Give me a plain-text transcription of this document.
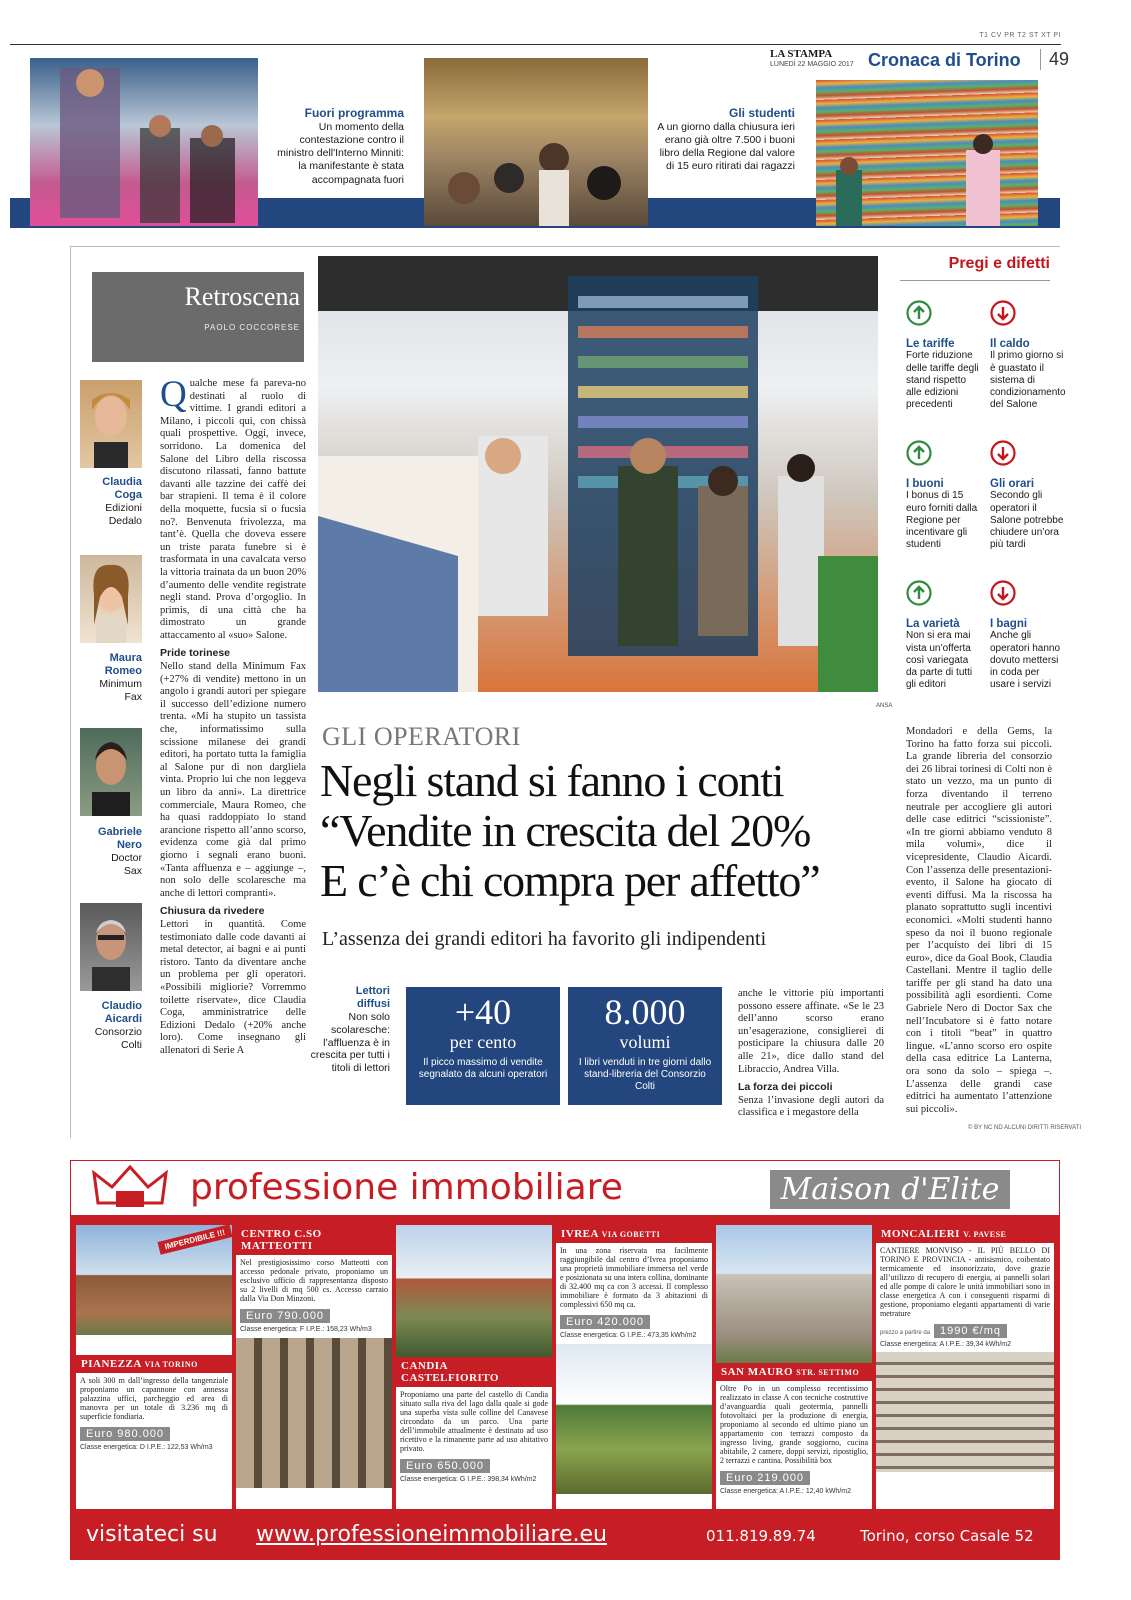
T1 CV PR T2 ST XT PI
LA STAMPA
LUNEDÌ 22 MAGGIO 2017 Cronaca di Torino	49
Fuori programma
Un momento della contestazione contro il ministro dell'Interno Minniti: la manifestante è stata accompagnata fuori
Gli studenti
A un giorno dalla chiusura ieri erano già oltre 7.500 i buoni libro della Regione dal valore di 15 euro ritirati dai ragazzi
Retroscena
PAOLO COCCORESE
Claudia
Coga
Edizioni
Dedalo
Maura
Romeo
Minimum
Fax
Gabriele
Nero
Doctor
Sax
Claudio
Aicardi
Consorzio
Colti

Qualche mese fa pareva-no destinati al ruolo di vittime. I grandi editori a Milano, i piccoli qui, con chissà quali prospettive. Oggi, invece, sorridono. La domenica del Salone del Libro della riscossa discutono rilassati, fanno battute davanti alle tazzine dei caffè dei bar strapieni. Il tema è il colore della moquette, fucsia sì o fucsia no?. Benvenuta frivolezza, ma tant’è. Quella che doveva essere un triste parata funebre si è trasformata in una cavalcata verso la vittoria trainata da un buon 20% d’aumento delle vendite registrate negli stand. Prova d’orgoglio. In primis, di una città che ha dimostrato un grande attaccamento al «suo» Salone.

Pride torinese

Nello stand della Minimum Fax (+27% di vendite) mettono in un angolo i grandi autori per spiegare il successo dell’edizione numero trenta. «Mi ha stupito un tassista che, informatissimo sulla scissione milanese dei grandi editori, ha portato tutta la famiglia al Salone pur di non dargliela vinta. Proprio lui che non leggeva un libro da anni». La direttrice commerciale, Maura Romeo, che ha quasi raddoppiato lo stand arancione rispetto all’anno scorso, evidenza come già dal primo giorno i segnali erano buoni. «Tanta affluenza e – aggiunge –, non solo delle scolaresche ma anche di lettori compranti».

Chiusura da rivedere

Lettori in quantità. Come testimoniato dalle code davanti ai metal detector, ai bagni e ai punti ristoro. Tanto da diventare anche un problema per gli operatori. «Possibili migliorie? Vorremmo toilette riservate», dice Claudia Coga, amministratrice delle Edizioni Dedalo (+20% anche loro). Come insegnano gli allenatori di Serie A

ANSA
Pregi e difetti
Le tariffe
Forte riduzione delle tariffe degli stand rispetto alle edizioni precedenti
Il caldo
Il primo giorno si è guastato il sistema di condizionamento del Salone
I buoni
I bonus di 15 euro forniti dalla Regione per incentivare gli studenti
Gli orari
Secondo gli operatori il Salone potrebbe chiudere un’ora più tardi
La varietà
Non si era mai vista un’offerta così variegata da parte di tutti gli editori
I bagni
Anche gli operatori hanno dovuto mettersi in coda per usare i servizi
GLI OPERATORI
Negli stand si fanno i conti
“Vendite in crescita del 20%
E c’è chi compra per affetto”
L’assenza dei grandi editori ha favorito gli indipendenti
Lettori
diffusi
Non solo scolaresche: l’affluenza è in crescita per tutti i titoli di lettori
+40
per cento
Il picco massimo di vendite segnalato da alcuni operatori
8.000
volumi
I libri venduti in tre giorni dallo stand-libreria del Consorzio Colti

anche le vittorie più importanti possono essere affinate. «Se le 23 dell’anno scorso erano un’esagerazione, consiglierei di posticipare la chiusura dalle 20 alle 21», dice dallo stand del Libraccio, Andrea Villa.

La forza dei piccoli

Senza l’invasione degli autori da classifica e i megastore della

Mondadori e della Gems, la Torino ha fatto forza sui piccoli. La grande libreria del consorzio dei 26 librai torinesi di Colti non è stato un vezzo, ma un punto di forza diventando il terreno neutrale per accogliere gli autori delle case editrici “scissioniste”. «In tre giorni abbiamo venduto 8 mila volumi», dice il vicepresidente, Claudio Aicardi. Con l’assenza delle presentazioni-evento, il Salone ha giocato di eventi diffusi. Ma la riscossa ha planato soprattutto sugli incentivi economici. «Molti studenti hanno speso da noi il buono regionale per l’acquisto dei libri di 15 euro», dice da Goal Book, Claudia Castellani. Mentre il taglio delle tariffe per gli stand ha dato una possibilità agli esordienti. Come Gabriele Nero di Doctor Sax che nell’Incubatore si è fatto notare con i titoli “beat” in quattro lingue. «L’anno scorso ero ospite della casa editrice La Lanterna, ora sono da solo – spiega –. L’assenza delle grandi case editrici ha aumentato l’attenzione sui piccoli».

© BY NC ND ALCUNI DIRITTI RISERVATI
professione immobiliare	Maison d'Elite
IMPERDIBILE !!!
PIANEZZA VIA TORINO
A soli 300 m dall’ingresso della tangenziale proponiamo un capannone con annessa palazzina uffici, parcheggio ed area di manovra per un totale di 3.236 mq di superficie fondiaria.
Euro 980.000
Classe energetica: D I.P.E.: 122,53 Wh/m3
CENTRO C.SO MATTEOTTI
Nel prestigiosissimo corso Matteotti con accesso pedonale privato, proponiamo un esclusivo ufficio di rappresentanza disposto su 2 livelli di mq 500 cs. Accesso carraio dalla Via Don Minzoni.
Euro 790.000
Classe energetica: F I.P.E.: 158,23 Wh/m3
CANDIA CASTELFIORITO
Proponiamo una parte del castello di Candia situato sulla riva del lago dalla quale si gode una superba vista sulle colline del Canavese circondato da un parco. Una parte dell’immobile attualmente è destinato ad uso ricettivo e la rimanente parte ad uso abitativo privato.
Euro 650.000
Classe energetica: G I.P.E.: 398,34 kWh/m2
IVREA VIA GOBETTI
In una zona riservata ma facilmente raggiungibile dal centro d’Ivrea proponiamo una proprietà immobiliare immersa nel verde e posizionata su una intera collina, dominante di 32.400 mq ca con 3 accessi. Il complesso immobiliare è formato da 3 abitazioni di complessivi 650 mq ca.
Euro 420.000
Classe energetica: G I.P.E.: 473,35 kWh/m2
SAN MAURO STR. SETTIMO
Oltre Po in un complesso recentissimo realizzato in classe A con tecniche costruttive d’avanguardia quali geotermia, pannelli fotovoltaici per la produzione di energia, proponiamo al secondo ed ultimo piano un appartamento con terrazzi composto da ingresso living, grande soggiorno, cucina abitabile, 2 camere, doppi servizi, ripostiglio, 2 terrazzi e cantina. Possibilità box
Euro 219.000
Classe energetica: A I.P.E.: 12,40 kWh/m2
MONCALIERI V. PAVESE
CANTIERE MONVISO - IL PIÙ BELLO DI TORINO E PROVINCIA - antisismico, coibentato termicamente ed insonorizzato, dove grazie all’utilizzo di recupero di energia, ai pannelli solari ed alle pompe di calore le unità immobiliari sono in classe energetica A con i conseguenti risparmi di gestione, proponiamo eleganti appartamenti di varie metrature
prezzo a partire da 1990 €/mq
Classe energetica: A I.P.E.: 39,34 kWh/m2
visitateci su www.professioneimmobiliare.eu	011.819.89.74	Torino, corso Casale 52
